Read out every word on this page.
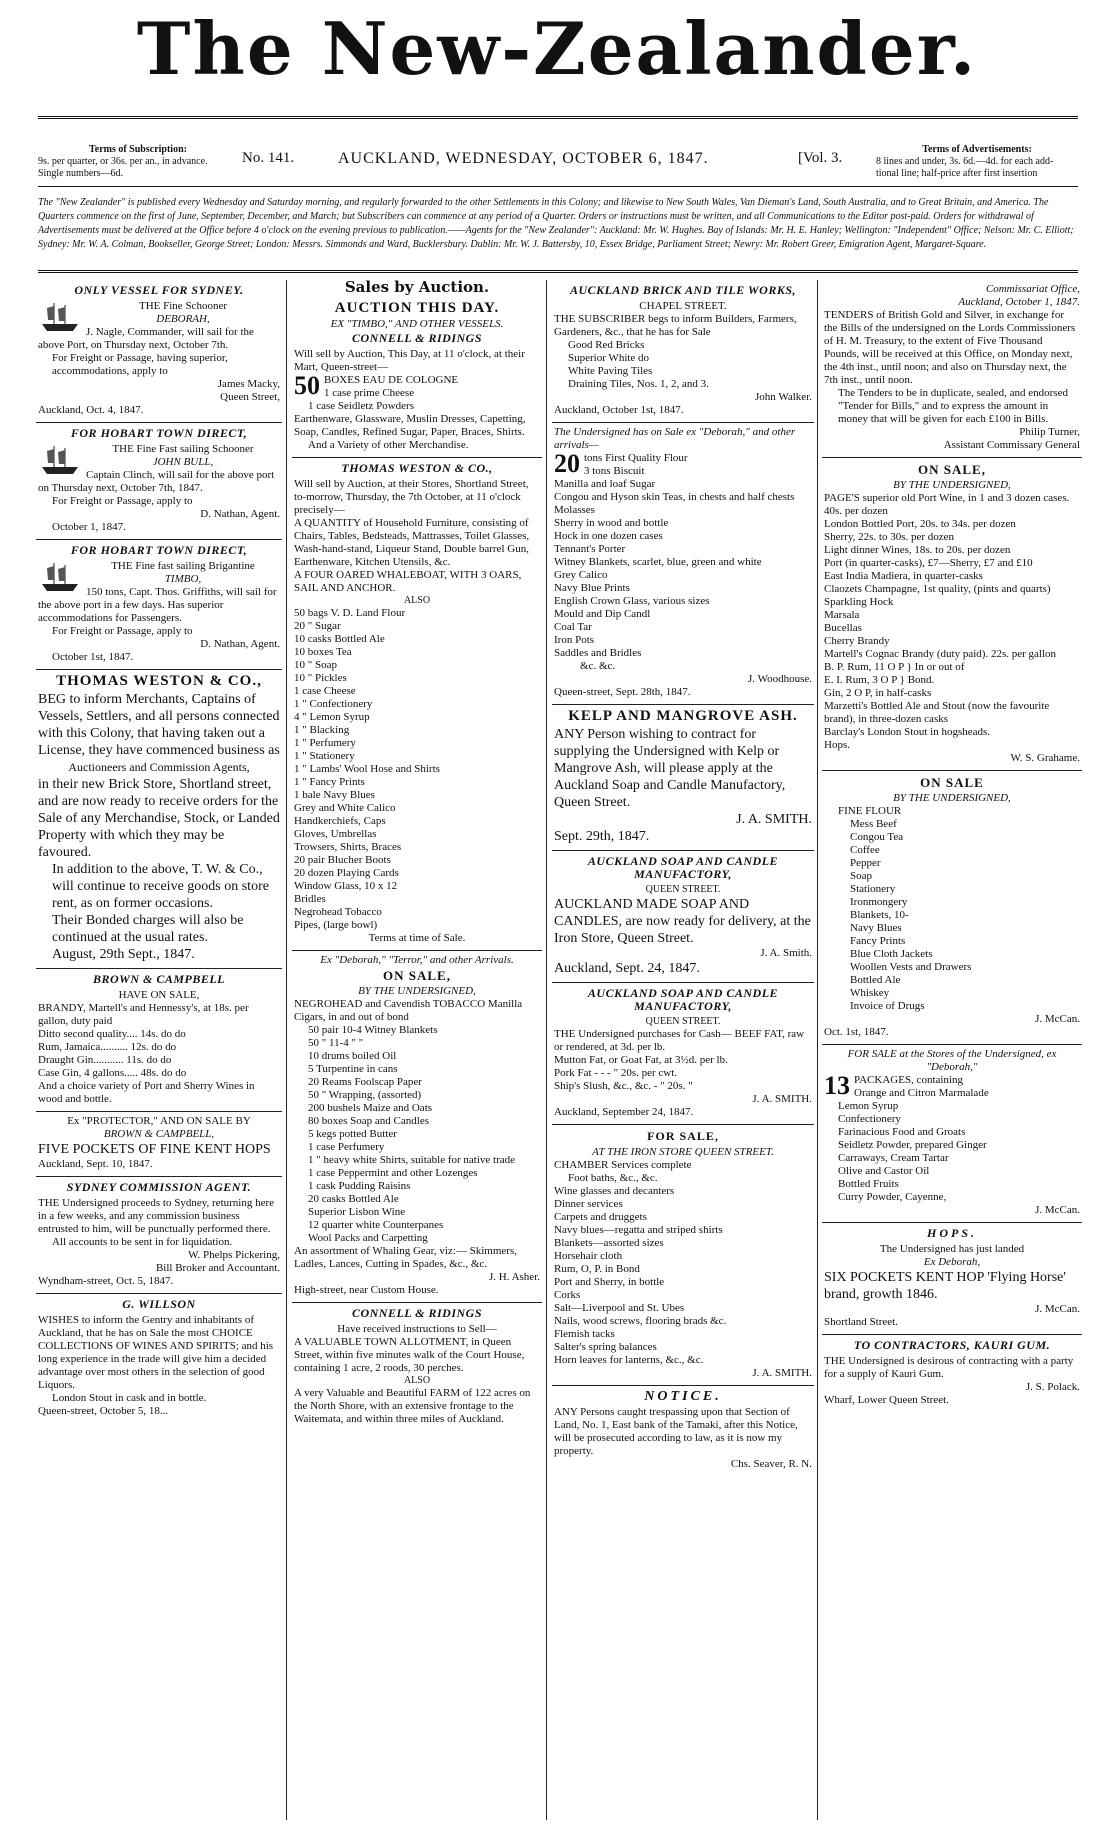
The New-Zealander.
Terms of Subscription:
9s. per quarter, or 36s. per an., in advance.
Single numbers—6d.
No. 141.	AUCKLAND, WEDNESDAY, OCTOBER 6, 1847.	[Vol. 3.
Terms of Advertisements:
8 lines and under, 3s. 6d.—4d. for each add-
tional line; half-price after first insertion
The "New Zealander" is published every Wednesday and Saturday morning, and regularly forwarded to the other Settlements in this Colony; and likewise to New South Wales, Van Dieman's Land, South Australia, and to Great Britain, and America. The Quarters commence on the first of June, September, December, and March; but Subscribers can commence at any period of a Quarter. Orders or instructions must be written, and all Communications to the Editor post-paid. Orders for withdrawal of Advertisements must be delivered at the Office before 4 o'clock on the evening previous to publication.——Agents for the "New Zealander": Auckland: Mr. W. Hughes. Bay of Islands: Mr. H. E. Hanley; Wellington: "Independent" Office; Nelson: Mr. C. Elliott; Sydney: Mr. W. A. Colman, Bookseller, George Street; London: Messrs. Simmonds and Ward, Bucklersbury. Dublin: Mr. W. J. Battersby, 10, Essex Bridge, Parliament Street; Newry: Mr. Robert Greer, Emigration Agent, Margaret-Square.
ONLY VESSEL FOR SYDNEY.

THE Fine Schooner

DEBORAH,

J. Nagle, Commander, will sail for the above Port, on Thursday next, October 7th.

For Freight or Passage, having superior, accommodations, apply to

James Macky,

Queen Street,

Auckland, Oct. 4, 1847.

FOR HOBART TOWN DIRECT,

THE Fine Fast sailing Schooner

JOHN BULL,

Captain Clinch, will sail for the above port on Thursday next, October 7th, 1847.

For Freight or Passage, apply to

D. Nathan, Agent.

October 1, 1847.

FOR HOBART TOWN DIRECT,

THE Fine fast sailing Brigantine

TIMBO,

150 tons, Capt. Thos. Griffiths, will sail for the above port in a few days. Has superior accommodations for Passengers.

For Freight or Passage, apply to

D. Nathan, Agent.

October 1st, 1847.

THOMAS WESTON & CO.,

BEG to inform Merchants, Captains of Vessels, Settlers, and all persons connected with this Colony, that having taken out a License, they have commenced business as

Auctioneers and Commission Agents,

in their new Brick Store, Shortland street, and are now ready to receive orders for the Sale of any Merchandise, Stock, or Landed Property with which they may be favoured.

In addition to the above, T. W. & Co., will continue to receive goods on store rent, as on former occasions.

Their Bonded charges will also be continued at the usual rates.

August, 29th Sept., 1847.

BROWN & CAMPBELL

HAVE ON SALE,

BRANDY, Martell's and Hennessy's, at 18s. per gallon, duty paid

Ditto second quality.... 14s. do do

Rum, Jamaica.......... 12s. do do

Draught Gin........... 11s. do do

Case Gin, 4 gallons..... 48s. do do

And a choice variety of Port and Sherry Wines in wood and bottle.

Ex "PROTECTOR," AND ON SALE BY

BROWN & CAMPBELL,

FIVE POCKETS OF FINE KENT HOPS

Auckland, Sept. 10, 1847.

SYDNEY COMMISSION AGENT.

THE Undersigned proceeds to Sydney, returning here in a few weeks, and any commission business entrusted to him, will be punctually performed there.

All accounts to be sent in for liquidation.

W. Phelps Pickering,

Bill Broker and Accountant.

Wyndham-street, Oct. 5, 1847.

G. WILLSON

WISHES to inform the Gentry and inhabitants of Auckland, that he has on Sale the most CHOICE COLLECTIONS OF WINES AND SPIRITS; and his long experience in the trade will give him a decided advantage over most others in the selection of good Liquors.

London Stout in cask and in bottle.

Queen-street, October 5, 18...

Sales by Auction.
AUCTION THIS DAY.

EX "TIMBO," AND OTHER VESSELS.

CONNELL & RIDINGS

Will sell by Auction, This Day, at 11 o'clock, at their Mart, Queen-street—

50 BOXES EAU DE COLOGNE

1 case prime Cheese

1 case Seidletz Powders

Earthenware, Glassware, Muslin Dresses, Capetting, Soap, Candles, Refined Sugar, Paper, Braces, Shirts.

And a Variety of other Merchandise.

THOMAS WESTON & CO.,

Will sell by Auction, at their Stores, Shortland Street, to-morrow, Thursday, the 7th October, at 11 o'clock precisely—

A QUANTITY of Household Furniture, consisting of Chairs, Tables, Bedsteads, Mattrasses, Toilet Glasses, Wash-hand-stand, Liqueur Stand, Double barrel Gun, Earthenware, Kitchen Utensils, &c.

A FOUR OARED WHALEBOAT, WITH 3 OARS, SAIL AND ANCHOR.

ALSO

50 bags V. D. Land Flour

20 " Sugar

10 casks Bottled Ale

10 boxes Tea

10 " Soap

10 " Pickles

1 case Cheese

1 " Confectionery

4 " Lemon Syrup

1 " Blacking

1 " Perfumery

1 " Stationery

1 " Lambs' Wool Hose and Shirts

1 " Fancy Prints

1 bale Navy Blues

Grey and White Calico

Handkerchiefs, Caps

Gloves, Umbrellas

Trowsers, Shirts, Braces

20 pair Blucher Boots

20 dozen Playing Cards

Window Glass, 10 x 12

Bridles

Negrohead Tobacco

Pipes, (large bowl)

Terms at time of Sale.

Ex "Deborah," "Terror," and other Arrivals.

ON SALE,

BY THE UNDERSIGNED,

NEGROHEAD and Cavendish TOBACCO Manilla Cigars, in and out of bond

50 pair 10-4 Witney Blankets

50 " 11-4 " "

10 drums boiled Oil

5 Turpentine in cans

20 Reams Foolscap Paper

50 " Wrapping, (assorted)

200 bushels Maize and Oats

80 boxes Soap and Candles

5 kegs potted Butter

1 case Perfumery

1 " heavy white Shirts, suitable for native trade

1 case Peppermint and other Lozenges

1 cask Pudding Raisins

20 casks Bottled Ale

Superior Lisbon Wine

12 quarter white Counterpanes

Wool Packs and Carpetting

An assortment of Whaling Gear, viz:— Skimmers, Ladles, Lances, Cutting in Spades, &c., &c.

J. H. Asher.

High-street, near Custom House.

CONNELL & RIDINGS

Have received instructions to Sell—

A VALUABLE TOWN ALLOTMENT, in Queen Street, within five minutes walk of the Court House, containing 1 acre, 2 roods, 30 perches.

ALSO

A very Valuable and Beautiful FARM of 122 acres on the North Shore, with an extensive frontage to the Waitemata, and within three miles of Auckland.

AUCKLAND BRICK AND TILE WORKS,

CHAPEL STREET.

THE SUBSCRIBER begs to inform Builders, Farmers, Gardeners, &c., that he has for Sale

Good Red Bricks

Superior White do

White Paving Tiles

Draining Tiles, Nos. 1, 2, and 3.

John Walker.

Auckland, October 1st, 1847.

The Undersigned has on Sale ex "Deborah," and other arrivals—

20 tons First Quality Flour

3 tons Biscuit

Manilla and loaf Sugar

Congou and Hyson skin Teas, in chests and half chests

Molasses

Sherry in wood and bottle

Hock in one dozen cases

Tennant's Porter

Witney Blankets, scarlet, blue, green and white

Grey Calico

Navy Blue Prints

English Crown Glass, various sizes

Mould and Dip Candl

Coal Tar

Iron Pots

Saddles and Bridles

&c. &c.

J. Woodhouse.

Queen-street, Sept. 28th, 1847.

KELP AND MANGROVE ASH.

ANY Person wishing to contract for supplying the Undersigned with Kelp or Mangrove Ash, will please apply at the Auckland Soap and Candle Manufactory, Queen Street.

J. A. SMITH.

Sept. 29th, 1847.

AUCKLAND SOAP AND CANDLE MANUFACTORY,

QUEEN STREET.

AUCKLAND MADE SOAP AND CANDLES, are now ready for delivery, at the Iron Store, Queen Street.

J. A. Smith.

Auckland, Sept. 24, 1847.

AUCKLAND SOAP AND CANDLE MANUFACTORY,

QUEEN STREET.

THE Undersigned purchases for Cash— BEEF FAT, raw or rendered, at 3d. per lb.

Mutton Fat, or Goat Fat, at 3½d. per lb.

Pork Fat - - - " 20s. per cwt.

Ship's Slush, &c., &c. - " 20s. "

J. A. SMITH.

Auckland, September 24, 1847.

FOR SALE,

AT THE IRON STORE QUEEN STREET.

CHAMBER Services complete

Foot baths, &c., &c.

Wine glasses and decanters

Dinner services

Carpets and druggets

Navy blues—regatta and striped shirts

Blankets—assorted sizes

Horsehair cloth

Rum, O, P. in Bond

Port and Sherry, in bottle

Corks

Salt—Liverpool and St. Ubes

Nails, wood screws, flooring brads &c.

Flemish tacks

Salter's spring balances

Horn leaves for lanterns, &c., &c.

J. A. SMITH.

NOTICE.

ANY Persons caught trespassing upon that Section of Land, No. 1, East bank of the Tamaki, after this Notice, will be prosecuted according to law, as it is now my property.

Chs. Seaver, R. N.

Commissariat Office,

Auckland, October 1, 1847.

TENDERS of British Gold and Silver, in exchange for the Bills of the undersigned on the Lords Commissioners of H. M. Treasury, to the extent of Five Thousand Pounds, will be received at this Office, on Monday next, the 4th inst., until noon; and also on Thursday next, the 7th inst., until noon.

The Tenders to be in duplicate, sealed, and endorsed "Tender for Bills," and to express the amount in money that will be given for each £100 in Bills.

Philip Turner,

Assistant Commissary General

ON SALE,

BY THE UNDERSIGNED,

PAGE'S superior old Port Wine, in 1 and 3 dozen cases. 40s. per dozen

London Bottled Port, 20s. to 34s. per dozen

Sherry, 22s. to 30s. per dozen

Light dinner Wines, 18s. to 20s. per dozen

Port (in quarter-casks), £7—Sherry, £7 and £10

East India Madiera, in quarter-casks

Claozets Champagne, 1st quality, (pints and quarts)

Sparkling Hock

Marsala

Bucellas

Cherry Brandy

Martell's Cognac Brandy (duty paid). 22s. per gallon

B. P. Rum, 11 O P } In or out of

E. I. Rum, 3 O P } Bond.

Gin, 2 O P, in half-casks

Marzetti's Bottled Ale and Stout (now the favourite brand), in three-dozen casks

Barclay's London Stout in hogsheads.

Hops.

W. S. Grahame.

ON SALE

BY THE UNDERSIGNED,

FINE FLOUR

Mess Beef

Congou Tea

Coffee

Pepper

Soap

Stationery

Ironmongery

Blankets, 10-

Navy Blues

Fancy Prints

Blue Cloth Jackets

Woollen Vests and Drawers

Bottled Ale

Whiskey

Invoice of Drugs

J. McCan.

Oct. 1st, 1847.

FOR SALE at the Stores of the Undersigned, ex "Deborah,"

13 PACKAGES, containing

Orange and Citron Marmalade

Lemon Syrup

Confectionery

Farinacious Food and Groats

Seidletz Powder, prepared Ginger

Carraways, Cream Tartar

Olive and Castor Oil

Bottled Fruits

Curry Powder, Cayenne,

J. McCan.

HOPS.

The Undersigned has just landed

Ex Deborah,

SIX POCKETS KENT HOP 'Flying Horse' brand, growth 1846.

J. McCan.

Shortland Street.

TO CONTRACTORS, KAURI GUM.

THE Undersigned is desirous of contracting with a party for a supply of Kauri Gum.

J. S. Polack.

Wharf, Lower Queen Street.
